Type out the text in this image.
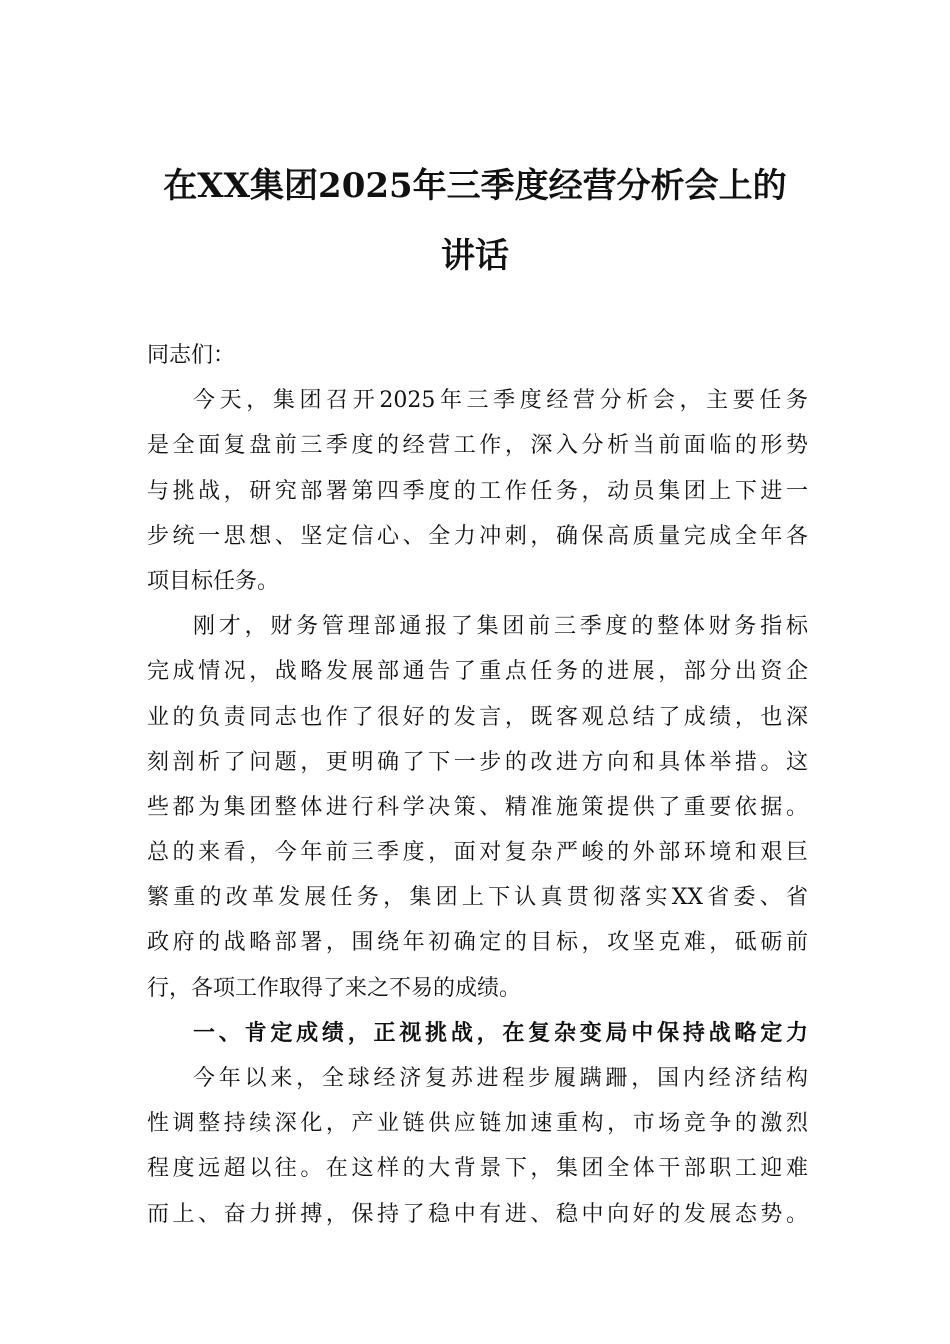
在XX集团2025年三季度经营分析会上的
讲话
同志们：
今天，集团召开2025年三季度经营分析会，主要任务
是全面复盘前三季度的经营工作，深入分析当前面临的形势
与挑战，研究部署第四季度的工作任务，动员集团上下进一
步统一思想、坚定信心、全力冲刺，确保高质量完成全年各
项目标任务。
刚才，财务管理部通报了集团前三季度的整体财务指标
完成情况，战略发展部通告了重点任务的进展，部分出资企
业的负责同志也作了很好的发言，既客观总结了成绩，也深
刻剖析了问题，更明确了下一步的改进方向和具体举措。这
些都为集团整体进行科学决策、精准施策提供了重要依据。
总的来看，今年前三季度，面对复杂严峻的外部环境和艰巨
繁重的改革发展任务，集团上下认真贯彻落实XX省委、省
政府的战略部署，围绕年初确定的目标，攻坚克难，砥砺前
行，各项工作取得了来之不易的成绩。
一、肯定成绩，正视挑战，在复杂变局中保持战略定力
今年以来，全球经济复苏进程步履蹒跚，国内经济结构
性调整持续深化，产业链供应链加速重构，市场竞争的激烈
程度远超以往。在这样的大背景下，集团全体干部职工迎难
而上、奋力拼搏，保持了稳中有进、稳中向好的发展态势。
